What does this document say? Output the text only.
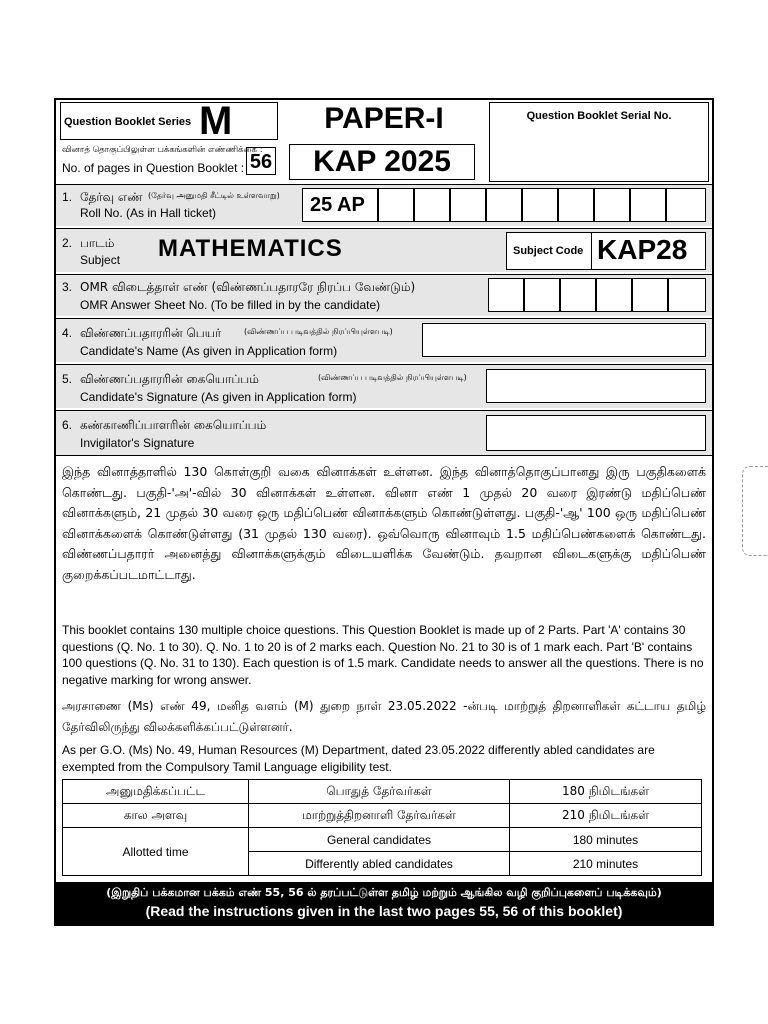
Question Booklet Series M
வினாத் தொகுப்பிலுள்ள பக்கங்களின் எண்ணிக்கை :
No. of pages in Question Booklet : 56
PAPER-I
KAP 2025
Question Booklet Serial No.
1. தேர்வு எண் (தேர்வு அனுமதி சீட்டில் உள்ளவாறு)
Roll No. (As in Hall ticket)	25 AP
2. பாடம்
Subject MATHEMATICS	Subject Code KAP28
3. OMR விடைத்தாள் எண் (விண்ணப்பதாரரே நிரப்ப வேண்டும்)
OMR Answer Sheet No. (To be filled in by the candidate)
4. விண்ணப்பதாரரின் பெயர்	(விண்ணப்ப படிவத்தில் நிரப்பியுள்ளபடி)
Candidate's Name (As given in Application form)
5. விண்ணப்பதாரரின் கையொப்பம்	(விண்ணப்ப படிவத்தில் நிரப்பியுள்ளபடி)
Candidate's Signature (As given in Application form)
6. கண்காணிப்பாளரின் கையொப்பம்
Invigilator's Signature
இந்த வினாத்தாளில் 130 கொள்குறி வகை வினாக்கள் உள்ளன. இந்த வினாத்தொகுப்பானது இரு பகுதிகளைக் கொண்டது. பகுதி-'அ'-வில் 30 வினாக்கள் உள்ளன. வினா எண் 1 முதல் 20 வரை இரண்டு மதிப்பெண் வினாக்களும், 21 முதல் 30 வரை ஒரு மதிப்பெண் வினாக்களும் கொண்டுள்ளது. பகுதி-'ஆ' 100 ஒரு மதிப்பெண் வினாக்களைக் கொண்டுள்ளது (31 முதல் 130 வரை). ஒவ்வொரு வினாவும் 1.5 மதிப்பெண்களைக் கொண்டது. விண்ணப்பதாரர் அனைத்து வினாக்களுக்கும் விடையளிக்க வேண்டும். தவறான விடைகளுக்கு மதிப்பெண் குறைக்கப்படமாட்டாது.
This booklet contains 130 multiple choice questions. This Question Booklet is made up of 2 Parts. Part 'A' contains 30 questions (Q. No. 1 to 30). Q. No. 1 to 20 is of 2 marks each. Question No. 21 to 30 is of 1 mark each. Part 'B' contains 100 questions (Q. No. 31 to 130). Each question is of 1.5 mark. Candidate needs to answer all the questions. There is no negative marking for wrong answer.
அரசாணை (Ms) எண் 49, மனித வளம் (M) துறை நாள் 23.05.2022 -ன்படி மாற்றுத் திறனாளிகள் கட்டாய தமிழ் தேர்விலிருந்து விலக்களிக்கப்பட்டுள்ளனர்.
As per G.O. (Ms) No. 49, Human Resources (M) Department, dated 23.05.2022 differently abled candidates are exempted from the Compulsory Tamil Language eligibility test.
அனுமதிக்கப்பட்ட	பொதுத் தேர்வர்கள்	180 நிமிடங்கள்
கால அளவு	மாற்றுத்திறனாளி தேர்வர்கள்	210 நிமிடங்கள்
Allotted time	General candidates	180 minutes
	Differently abled candidates	210 minutes
(இறுதிப் பக்கமான பக்கம் எண் 55, 56 ல் தரப்பட்டுள்ள தமிழ் மற்றும் ஆங்கில வழி குறிப்புகளைப் படிக்கவும்)
(Read the instructions given in the last two pages 55, 56 of this booklet)
